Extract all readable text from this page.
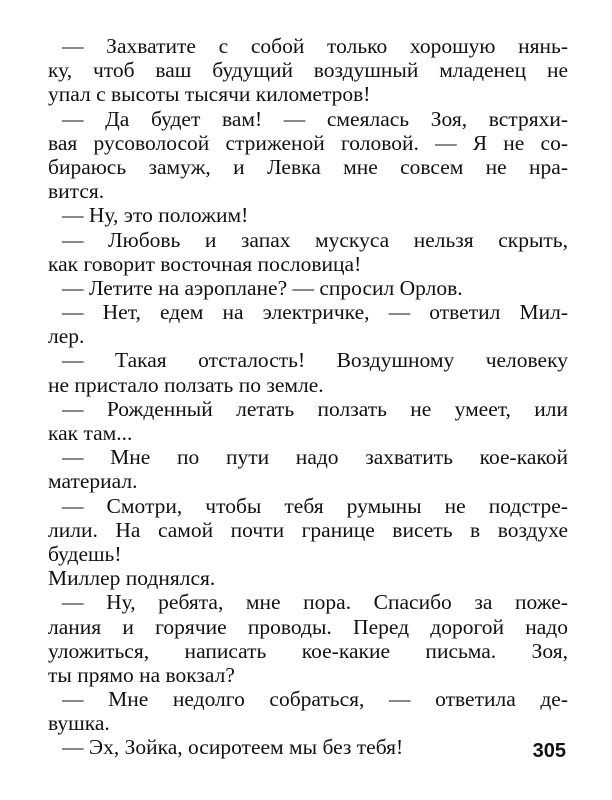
— Захватите с собой только хорошую нянь-
ку, чтоб ваш будущий воздушный младенец не
упал с высоты тысячи километров!
— Да будет вам! — смеялась Зоя, встряхи-
вая русоволосой стриженой головой. — Я не со-
бираюсь замуж, и Левка мне совсем не нра-
вится.
— Ну, это положим!
— Любовь и запах мускуса нельзя скрыть,
как говорит восточная пословица!
— Летите на аэроплане? — спросил Орлов.
— Нет, едем на электричке, — ответил Мил-
лер.
— Такая отсталость! Воздушному человеку
не пристало ползать по земле.
— Рожденный летать ползать не умеет, или
как там...
— Мне по пути надо захватить кое-какой
материал.
— Смотри, чтобы тебя румыны не подстре-
лили. На самой почти границе висеть в воздухе
будешь!
Миллер поднялся.
— Ну, ребята, мне пора. Спасибо за поже-
лания и горячие проводы. Перед дорогой надо
уложиться, написать кое-какие письма. Зоя,
ты прямо на вокзал?
— Мне недолго собраться, — ответила де-
вушка.
— Эх, Зойка, осиротеем мы без тебя!	305
